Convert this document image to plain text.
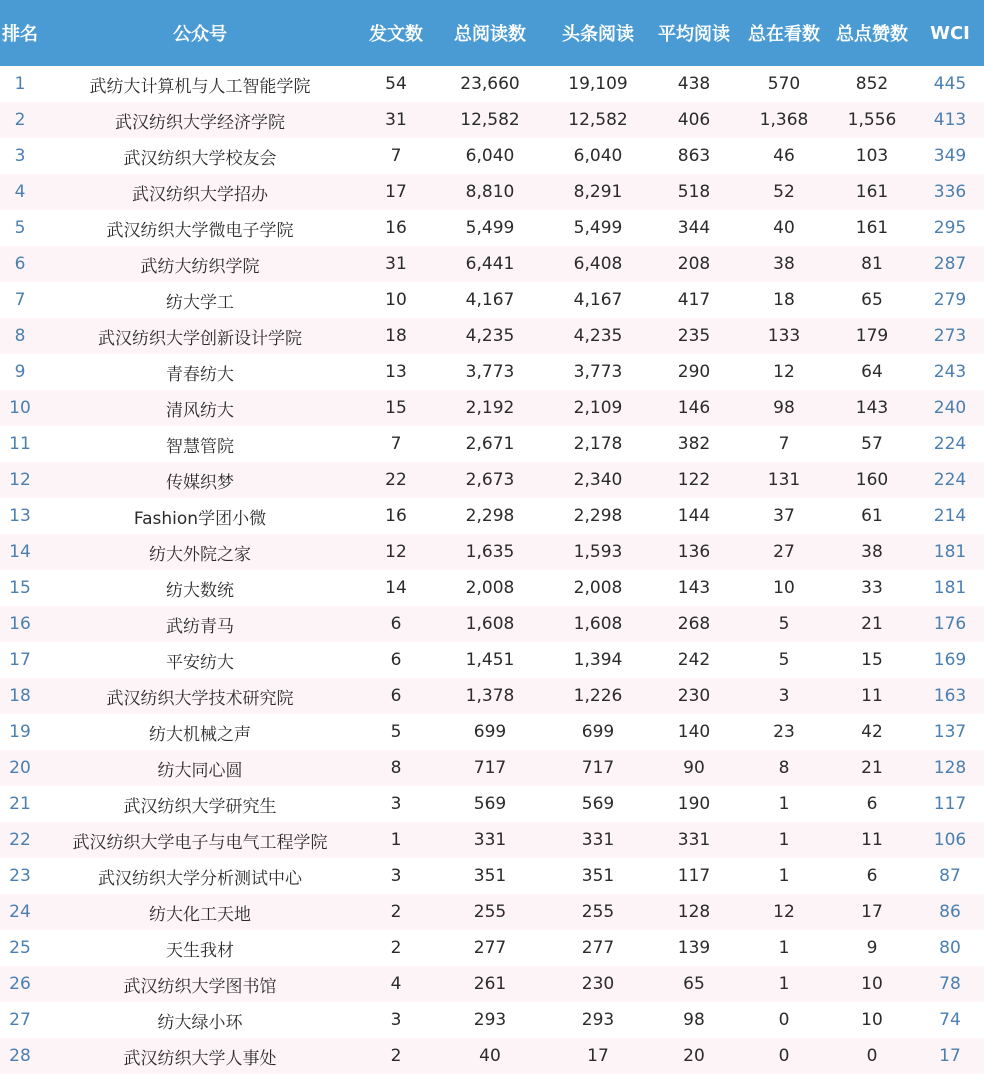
排名	公众号	发文数	总阅读数	头条阅读	平均阅读	总在看数	总点赞数	WCI
1	武纺大计算机与人工智能学院	54	23,660	19,109	438	570	852	445
2	武汉纺织大学经济学院	31	12,582	12,582	406	1,368	1,556	413
3	武汉纺织大学校友会	7	6,040	6,040	863	46	103	349
4	武汉纺织大学招办	17	8,810	8,291	518	52	161	336
5	武汉纺织大学微电子学院	16	5,499	5,499	344	40	161	295
6	武纺大纺织学院	31	6,441	6,408	208	38	81	287
7	纺大学工	10	4,167	4,167	417	18	65	279
8	武汉纺织大学创新设计学院	18	4,235	4,235	235	133	179	273
9	青春纺大	13	3,773	3,773	290	12	64	243
10	清风纺大	15	2,192	2,109	146	98	143	240
11	智慧管院	7	2,671	2,178	382	7	57	224
12	传媒织梦	22	2,673	2,340	122	131	160	224
13	Fashion学团小微	16	2,298	2,298	144	37	61	214
14	纺大外院之家	12	1,635	1,593	136	27	38	181
15	纺大数统	14	2,008	2,008	143	10	33	181
16	武纺青马	6	1,608	1,608	268	5	21	176
17	平安纺大	6	1,451	1,394	242	5	15	169
18	武汉纺织大学技术研究院	6	1,378	1,226	230	3	11	163
19	纺大机械之声	5	699	699	140	23	42	137
20	纺大同心圆	8	717	717	90	8	21	128
21	武汉纺织大学研究生	3	569	569	190	1	6	117
22	武汉纺织大学电子与电气工程学院	1	331	331	331	1	11	106
23	武汉纺织大学分析测试中心	3	351	351	117	1	6	87
24	纺大化工天地	2	255	255	128	12	17	86
25	天生我材	2	277	277	139	1	9	80
26	武汉纺织大学图书馆	4	261	230	65	1	10	78
27	纺大绿小环	3	293	293	98	0	10	74
28	武汉纺织大学人事处	2	40	17	20	0	0	17
